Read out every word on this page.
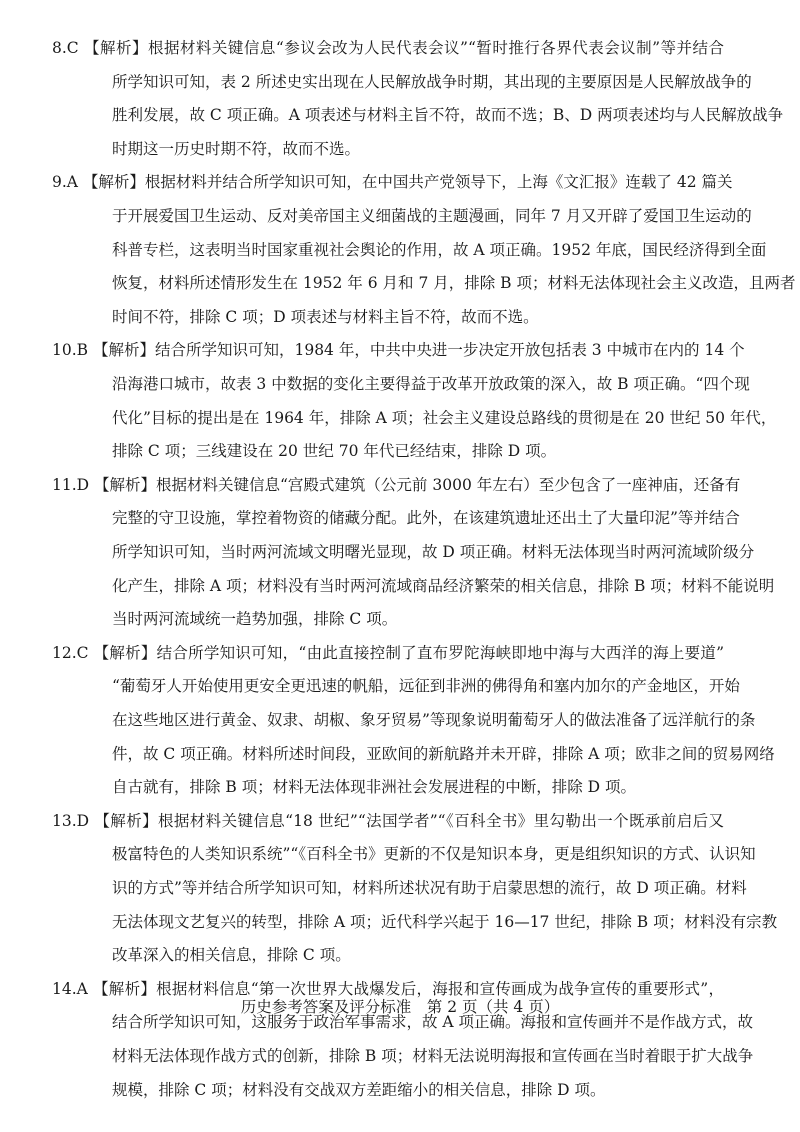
8.C 【解析】根据材料关键信息“参议会改为人民代表会议”“暂时推行各界代表会议制”等并结合
所学知识可知，表 2 所述史实出现在人民解放战争时期，其出现的主要原因是人民解放战争的
胜利发展，故 C 项正确。A 项表述与材料主旨不符，故而不选；B、D 两项表述均与人民解放战争
时期这一历史时期不符，故而不选。
9.A 【解析】根据材料并结合所学知识可知，在中国共产党领导下，上海《文汇报》连载了 42 篇关
于开展爱国卫生运动、反对美帝国主义细菌战的主题漫画，同年 7 月又开辟了爱国卫生运动的
科普专栏，这表明当时国家重视社会舆论的作用，故 A 项正确。1952 年底，国民经济得到全面
恢复，材料所述情形发生在 1952 年 6 月和 7 月，排除 B 项；材料无法体现社会主义改造，且两者
时间不符，排除 C 项；D 项表述与材料主旨不符，故而不选。
10.B 【解析】结合所学知识可知，1984 年，中共中央进一步决定开放包括表 3 中城市在内的 14 个
沿海港口城市，故表 3 中数据的变化主要得益于改革开放政策的深入，故 B 项正确。“四个现
代化”目标的提出是在 1964 年，排除 A 项；社会主义建设总路线的贯彻是在 20 世纪 50 年代，
排除 C 项；三线建设在 20 世纪 70 年代已经结束，排除 D 项。
11.D 【解析】根据材料关键信息“宫殿式建筑（公元前 3000 年左右）至少包含了一座神庙，还备有
完整的守卫设施，掌控着物资的储藏分配。此外，在该建筑遗址还出土了大量印泥”等并结合
所学知识可知，当时两河流域文明曙光显现，故 D 项正确。材料无法体现当时两河流域阶级分
化产生，排除 A 项；材料没有当时两河流域商品经济繁荣的相关信息，排除 B 项；材料不能说明
当时两河流域统一趋势加强，排除 C 项。
12.C 【解析】结合所学知识可知，“由此直接控制了直布罗陀海峡即地中海与大西洋的海上要道”
“葡萄牙人开始使用更安全更迅速的帆船，远征到非洲的佛得角和塞内加尔的产金地区，开始
在这些地区进行黄金、奴隶、胡椒、象牙贸易”等现象说明葡萄牙人的做法准备了远洋航行的条
件，故 C 项正确。材料所述时间段，亚欧间的新航路并未开辟，排除 A 项；欧非之间的贸易网络
自古就有，排除 B 项；材料无法体现非洲社会发展进程的中断，排除 D 项。
13.D 【解析】根据材料关键信息“18 世纪”“法国学者”“《百科全书》里勾勒出一个既承前启后又
极富特色的人类知识系统”“《百科全书》更新的不仅是知识本身，更是组织知识的方式、认识知
识的方式”等并结合所学知识可知，材料所述状况有助于启蒙思想的流行，故 D 项正确。材料
无法体现文艺复兴的转型，排除 A 项；近代科学兴起于 16—17 世纪，排除 B 项；材料没有宗教
改革深入的相关信息，排除 C 项。
14.A 【解析】根据材料信息“第一次世界大战爆发后，海报和宣传画成为战争宣传的重要形式”，
结合所学知识可知，这服务于政治军事需求，故 A 项正确。海报和宣传画并不是作战方式，故
材料无法体现作战方式的创新，排除 B 项；材料无法说明海报和宣传画在当时着眼于扩大战争
规模，排除 C 项；材料没有交战双方差距缩小的相关信息，排除 D 项。
历史参考答案及评分标准　第 2 页（共 4 页）
